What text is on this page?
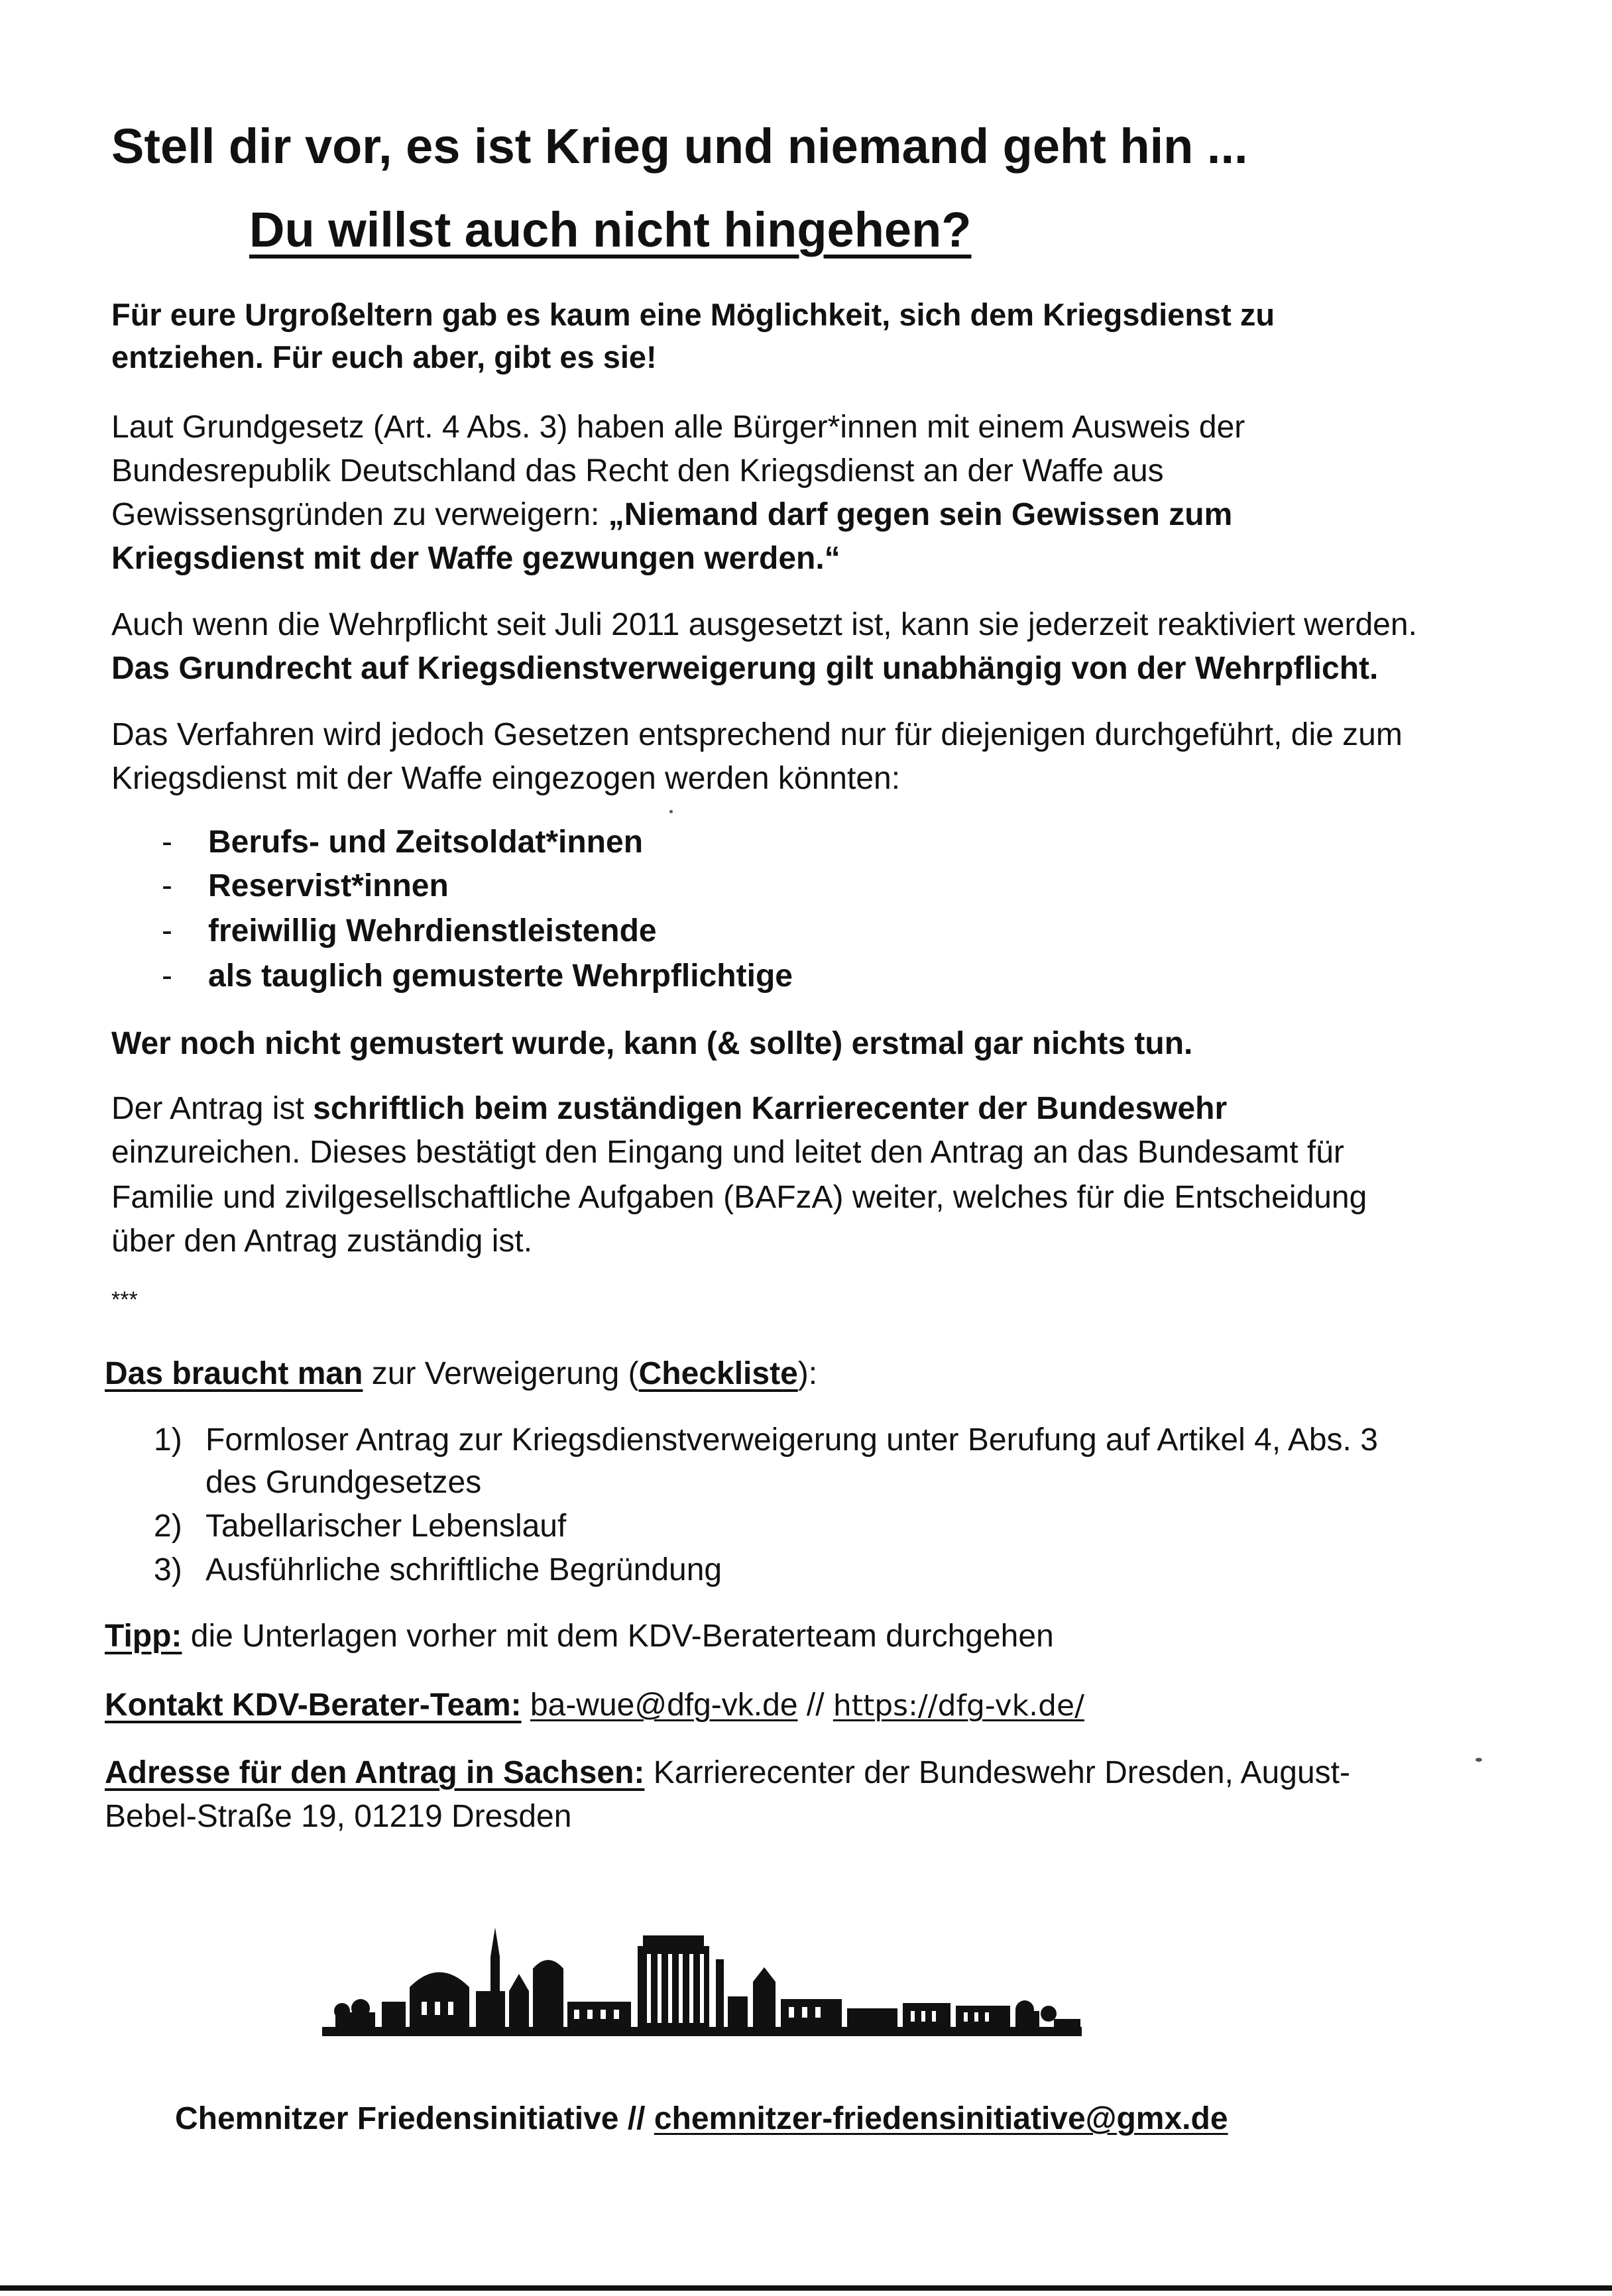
Stell dir vor, es ist Krieg und niemand geht hin ...
Du willst auch nicht hingehen?

Für eure Urgroßeltern gab es kaum eine Möglichkeit, sich dem Kriegsdienst zu

entziehen. Für euch aber, gibt es sie!

Laut Grundgesetz (Art. 4 Abs. 3) haben alle Bürger*innen mit einem Ausweis der

Bundesrepublik Deutschland das Recht den Kriegsdienst an der Waffe aus

Gewissensgründen zu verweigern: „Niemand darf gegen sein Gewissen zum

Kriegsdienst mit der Waffe gezwungen werden.“

Auch wenn die Wehrpflicht seit Juli 2011 ausgesetzt ist, kann sie jederzeit reaktiviert werden.

Das Grundrecht auf Kriegsdienstverweigerung gilt unabhängig von der Wehrpflicht.

Das Verfahren wird jedoch Gesetzen entsprechend nur für diejenigen durchgeführt, die zum

Kriegsdienst mit der Waffe eingezogen werden könnten:

- Berufs- und Zeitsoldat*innen
- Reservist*innen
- freiwillig Wehrdienstleistende
- als tauglich gemusterte Wehrpflichtige

Wer noch nicht gemustert wurde, kann (& sollte) erstmal gar nichts tun.

Der Antrag ist schriftlich beim zuständigen Karrierecenter der Bundeswehr

einzureichen. Dieses bestätigt den Eingang und leitet den Antrag an das Bundesamt für

Familie und zivilgesellschaftliche Aufgaben (BAFzA) weiter, welches für die Entscheidung

über den Antrag zuständig ist.

***

Das braucht man zur Verweigerung (Checkliste):

1) Formloser Antrag zur Kriegsdienstverweigerung unter Berufung auf Artikel 4, Abs. 3
des Grundgesetzes
2) Tabellarischer Lebenslauf
3) Ausführliche schriftliche Begründung

Tipp: die Unterlagen vorher mit dem KDV-Beraterteam durchgehen

Kontakt KDV-Berater-Team: ba-wue@dfg-vk.de // https://dfg-vk.de/

Adresse für den Antrag in Sachsen: Karrierecenter der Bundeswehr Dresden, August-

Bebel-Straße 19, 01219 Dresden

Chemnitzer Friedensinitiative // chemnitzer-friedensinitiative@gmx.de
